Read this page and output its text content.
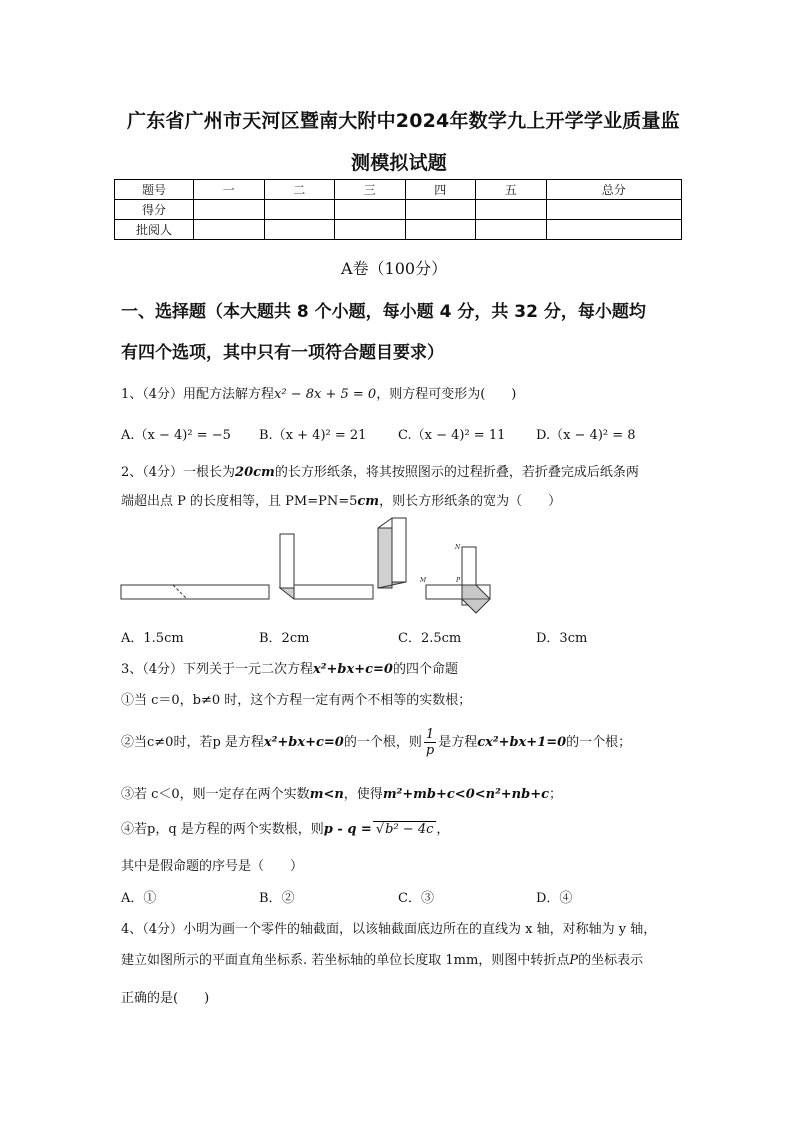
广东省广州市天河区暨南大附中2024年数学九上开学学业质量监
测模拟试题
题号	一	二	三	四	五	总分
得分						
批阅人						
A卷（100分）
一、选择题（本大题共 8 个小题，每小题 4 分，共 32 分，每小题均
有四个选项，其中只有一项符合题目要求）
1、（4分）用配方法解方程x² − 8x + 5 = 0，则方程可变形为(　　)
A.（x − 4)² = −5 B.（x + 4)² = 21 C.（x − 4)² = 11 D.（x − 4)² = 8
2、（4分）一根长为20cm的长方形纸条，将其按照图示的过程折叠，若折叠完成后纸条两
端超出点 P 的长度相等，且 PM=PN=5cm，则长方形纸条的宽为（　　）
N
M	P
A．1.5cm	B．2cm	C．2.5cm	D．3cm
3、（4分）下列关于一元二次方程x²+bx+c=0的四个命题
①当 c＝0，b≠0 时，这个方程一定有两个不相等的实数根；
②当c≠0时，若p 是方程x²+bx+c=0的一个根，则 $\frac{1}{p}$ 是方程cx²+bx+1=0的一个根；
③若 c＜0，则一定存在两个实数m<n，使得m²+mb+c<0<n²+nb+c；
④若p，q 是方程的两个实数根，则p - q = √b² − 4c ，
其中是假命题的序号是（　　）
A．①	B．②	C．③	D．④
4、（4分）小明为画一个零件的轴截面，以该轴截面底边所在的直线为 x 轴，对称轴为 y 轴，
建立如图所示的平面直角坐标系. 若坐标轴的单位长度取 1mm，则图中转折点P的坐标表示
正确的是(　　)
